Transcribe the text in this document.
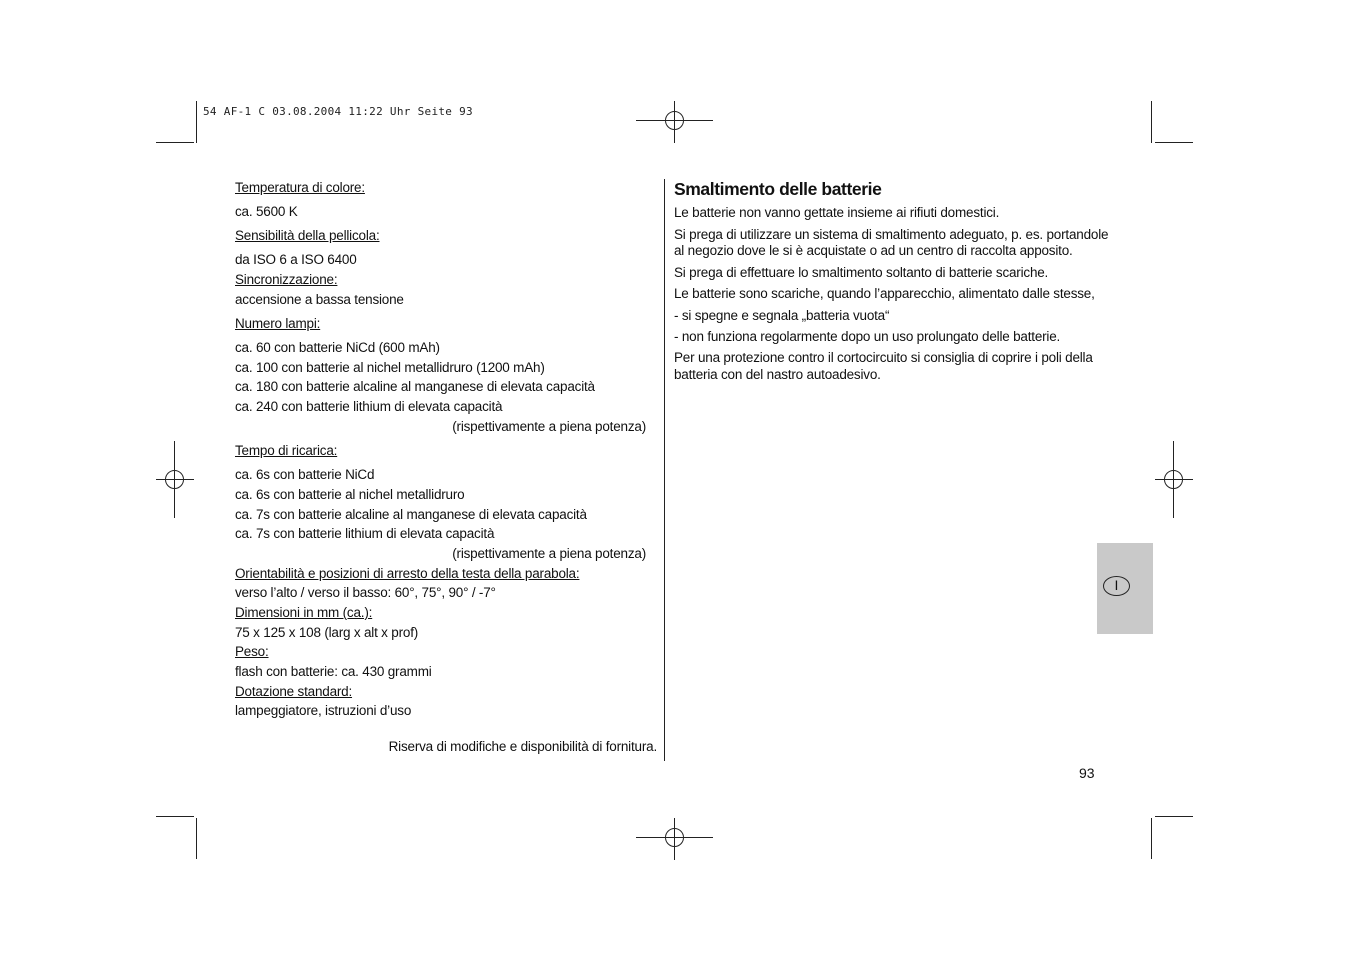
54 AF-1 C 03.08.2004 11:22 Uhr Seite 93
Temperatura di colore:
ca. 5600 K
Sensibilità della pellicola:
da ISO 6 a ISO 6400
Sincronizzazione:
accensione a bassa tensione
Numero lampi:
ca. 60 con batterie NiCd (600 mAh)
ca. 100 con batterie al nichel metallidruro (1200 mAh)
ca. 180 con batterie alcaline al manganese di elevata capacità
ca. 240 con batterie lithium di elevata capacità
(rispettivamente a piena potenza)
Tempo di ricarica:
ca. 6s con batterie NiCd
ca. 6s con batterie al nichel metallidruro
ca. 7s con batterie alcaline al manganese di elevata capacità
ca. 7s con batterie lithium di elevata capacità
(rispettivamente a piena potenza)
Orientabilità e posizioni di arresto della testa della parabola:
verso l’alto / verso il basso: 60°, 75°, 90° / -7°
Dimensioni in mm (ca.):
75 x 125 x 108 (larg x alt x prof)
Peso:
flash con batterie: ca. 430 grammi
Dotazione standard:
lampeggiatore, istruzioni d’uso
Riserva di modifiche e disponibilità di fornitura.
Smaltimento delle batterie
Le batterie non vanno gettate insieme ai rifiuti domestici.
Si prega di utilizzare un sistema di smaltimento adeguato, p. es. portandole
al negozio dove le si è acquistate o ad un centro di raccolta apposito.
Si prega di effettuare lo smaltimento soltanto di batterie scariche.
Le batterie sono scariche, quando l’apparecchio, alimentato dalle stesse,
- si spegne e segnala „batteria vuota“
- non funziona regolarmente dopo un uso prolungato delle batterie.
Per una protezione contro il cortocircuito si consiglia di coprire i poli della
batteria con del nastro autoadesivo.
I
93
